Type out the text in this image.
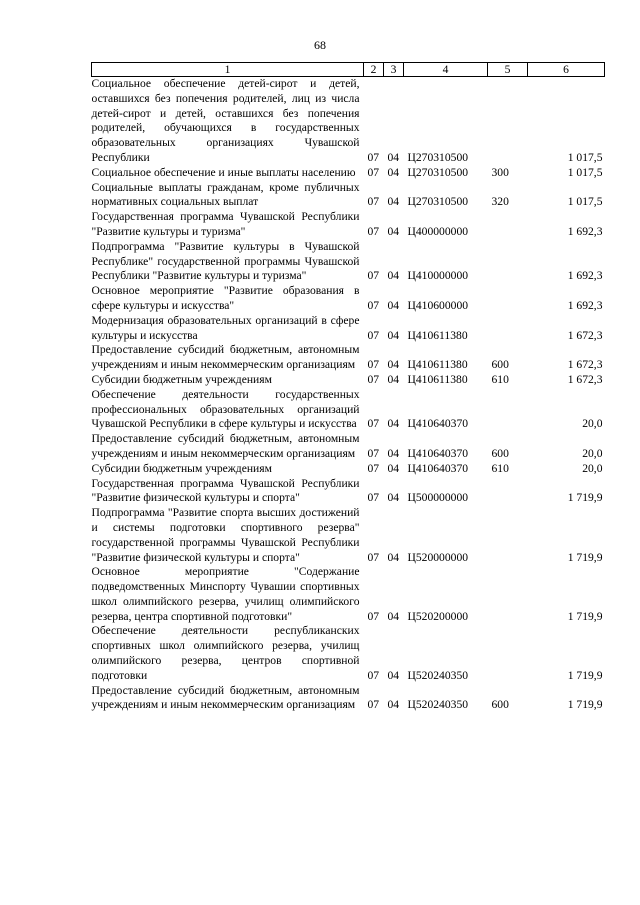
68
1	2	3	4	5	6
Социальное обеспечение детей-сирот и детей, оставшихся без попечения родителей, лиц из числа детей-сирот и детей, оставшихся без попечения родителей, обучающихся в государственных образовательных организациях Чувашской Республики	07	04	Ц270310500		1 017,5
Социальное обеспечение и иные выплаты населению	07	04	Ц270310500	300	1 017,5
Социальные выплаты гражданам, кроме публичных нормативных социальных выплат	07	04	Ц270310500	320	1 017,5
Государственная программа Чувашской Республики "Развитие культуры и туризма"	07	04	Ц400000000		1 692,3
Подпрограмма "Развитие культуры в Чувашской Республике" государственной программы Чувашской Республики "Развитие культуры и туризма"	07	04	Ц410000000		1 692,3
Основное мероприятие "Развитие образования в сфере культуры и искусства"	07	04	Ц410600000		1 692,3
Модернизация образовательных организаций в сфере культуры и искусства	07	04	Ц410611380		1 672,3
Предоставление субсидий бюджетным, автономным учреждениям и иным некоммерческим организациям	07	04	Ц410611380	600	1 672,3
Субсидии бюджетным учреждениям	07	04	Ц410611380	610	1 672,3
Обеспечение деятельности государственных профессиональных образовательных организаций Чувашской Республики в сфере культуры и искусства	07	04	Ц410640370		20,0
Предоставление субсидий бюджетным, автономным учреждениям и иным некоммерческим организациям	07	04	Ц410640370	600	20,0
Субсидии бюджетным учреждениям	07	04	Ц410640370	610	20,0
Государственная программа Чувашской Республики "Развитие физической культуры и спорта"	07	04	Ц500000000		1 719,9
Подпрограмма "Развитие спорта высших достижений и системы подготовки спортивного резерва" государственной программы Чувашской Республики "Развитие физической культуры и спорта"	07	04	Ц520000000		1 719,9
Основное мероприятие "Содержание подведомственных Минспорту Чувашии спортивных школ олимпийского резерва, училищ олимпийского резерва, центра спортивной подготовки"	07	04	Ц520200000		1 719,9
Обеспечение деятельности республиканских спортивных школ олимпийского резерва, училищ олимпийского резерва, центров спортивной подготовки	07	04	Ц520240350		1 719,9
Предоставление субсидий бюджетным, автономным учреждениям и иным некоммерческим организациям	07	04	Ц520240350	600	1 719,9
